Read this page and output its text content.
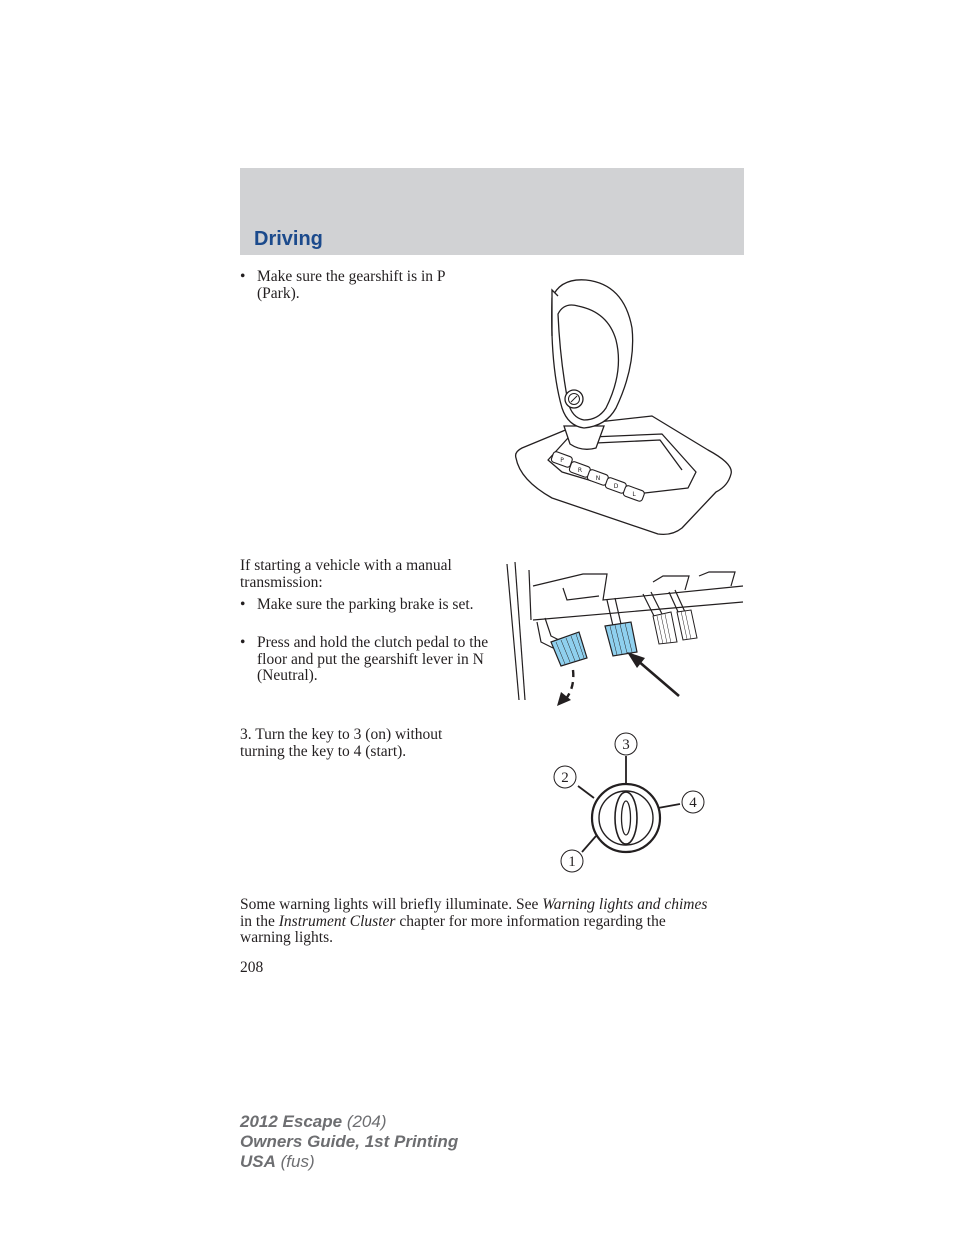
Driving
• Make sure the gearshift is in P (Park).
P
R
N
D
L
If starting a vehicle with a manual transmission:
• Make sure the parking brake is set.
• Press and hold the clutch pedal to the floor and put the gearshift lever in N (Neutral).
3. Turn the key to 3 (on) without turning the key to 4 (start).
1
2
3
4
Some warning lights will briefly illuminate. See Warning lights and chimes in the Instrument Cluster chapter for more information regarding the warning lights.
208
2012 Escape (204)
Owners Guide, 1st Printing
USA (fus)
